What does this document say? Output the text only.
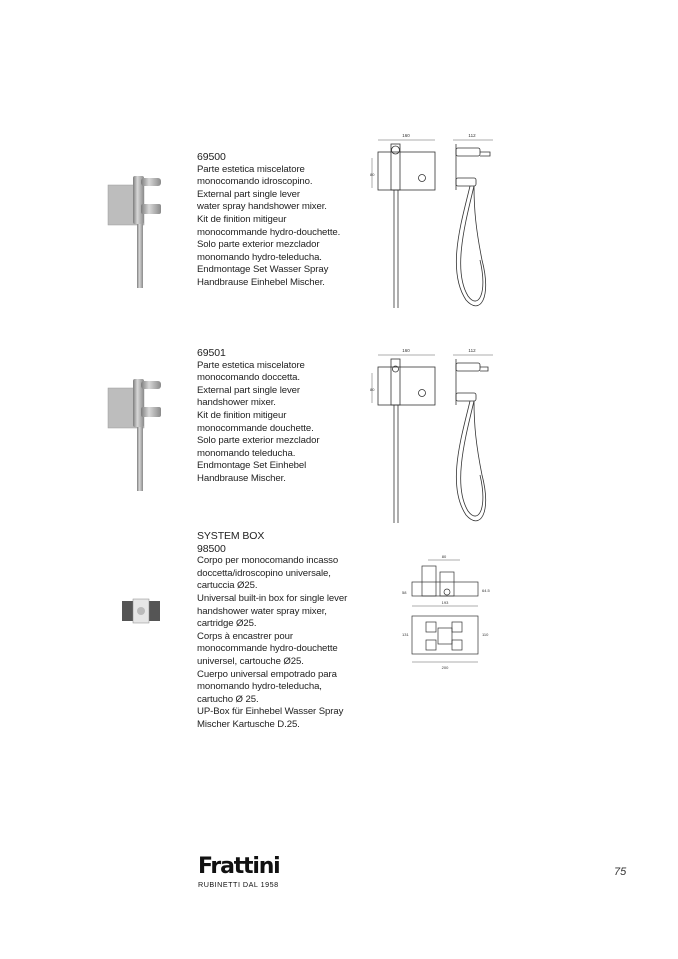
69500
Parte estetica miscelatore
monocomando idroscopino.
External part single lever
water spray handshower mixer.
Kit de finition mitigeur
monocommande hydro-douchette.
Solo parte exterior mezclador
monomando hydro-teleducha.
Endmontage Set Wasser Spray
Handbrause Einhebel Mischer.
160
80
112
69501
Parte estetica miscelatore
monocomando doccetta.
External part single lever
handshower mixer.
Kit de finition mitigeur
monocommande douchette.
Solo parte exterior mezclador
monomando teleducha.
Endmontage Set Einhebel
Handbrause Mischer.
160
80
112
SYSTEM BOX
98500
Corpo per monocomando incasso
doccetta/idroscopino universale,
cartuccia Ø25.
Universal built-in box for single lever
handshower water spray mixer,
cartridge Ø25.
Corps à encastrer pour
monocommande hydro-douchette
universel, cartouche Ø25.
Cuerpo universal empotrado para
monomando hydro-teleducha,
cartucho Ø 25.
UP-Box für Einhebel Wasser Spray
Mischer Kartusche D.25.
80
58	64.5
193
131	110
200
Frattini
RUBINETTI DAL 1958
75
